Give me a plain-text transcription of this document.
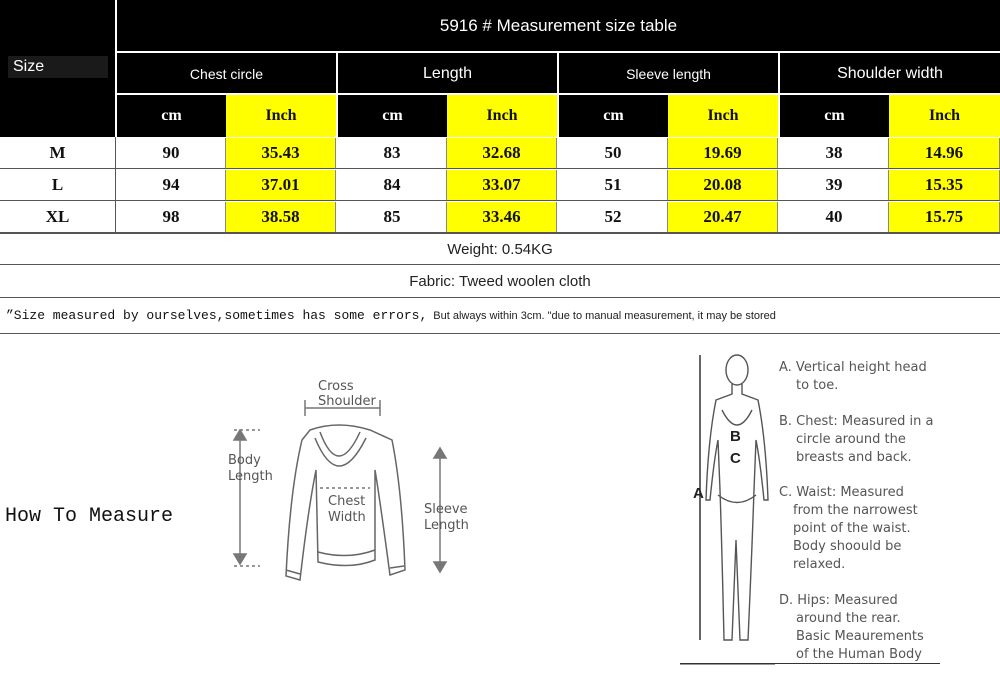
Size
5916 # Measurement size table
Chest circle	Length	Sleeve length	Shoulder width
cm	Inch	cm	Inch	cm	Inch	cm	Inch
M	90	35.43	83	32.68	50	19.69	38	14.96
L	94	37.01	84	33.07	51	20.08	39	15.35
XL	98	38.58	85	33.46	52	20.47	40	15.75
Weight: 0.54KG
Fabric: Tweed woolen cloth
”Size measured by ourselves,sometimes has some errors, But always within 3cm. "due to manual measurement, it may be stored
How To Measure
Cross
Shoulder
Body
Length
Chest
Width
Sleeve
Length
A
B
C
A. Vertical height head
to toe.
B. Chest: Measured in a
circle around the
breasts and back.
C. Waist: Measured
from the narrowest
point of the waist.
Body shoould be
relaxed.
D. Hips: Measured
around the rear.
Basic Meaurements
of the Human Body
